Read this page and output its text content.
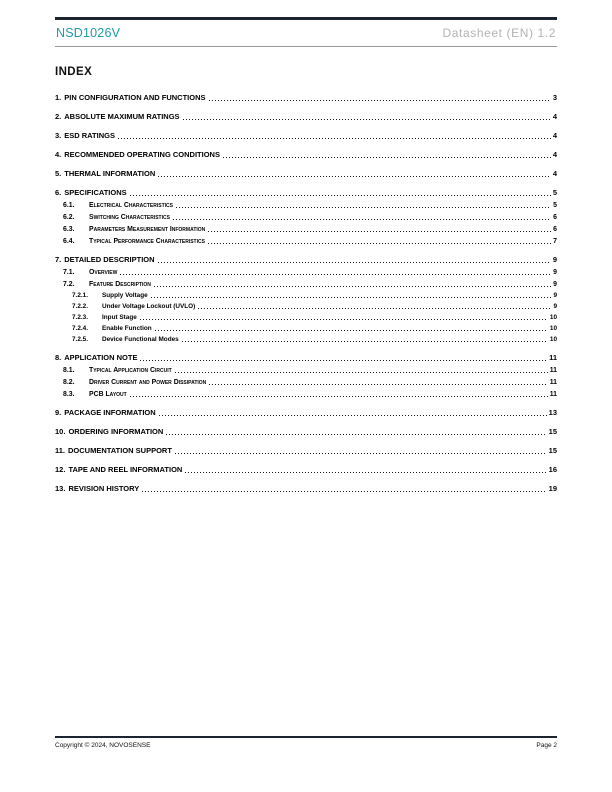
NSD1026V	Datasheet (EN) 1.2
INDEX
1. PIN CONFIGURATION AND FUNCTIONS	3
2. ABSOLUTE MAXIMUM RATINGS	4
3. ESD RATINGS	4
4. RECOMMENDED OPERATING CONDITIONS	4
5. THERMAL INFORMATION	4
6. SPECIFICATIONS	5
6.1.	Electrical Characteristics	5
6.2.	Switching Characteristics	6
6.3.	Parameters Measurement Information	6
6.4.	Typical Performance Characteristics	7
7. DETAILED DESCRIPTION	9
7.1.	Overview	9
7.2.	Feature Description	9
7.2.1.	Supply Voltage	9
7.2.2.	Under Voltage Lockout (UVLO)	9
7.2.3.	Input Stage	10
7.2.4.	Enable Function	10
7.2.5.	Device Functional Modes	10
8. APPLICATION NOTE	11
8.1.	Typical Application Circuit	11
8.2.	Driver Current and Power Dissipation	11
8.3.	PCB Layout	11
9. PACKAGE INFORMATION	13
10. ORDERING INFORMATION	15
11. DOCUMENTATION SUPPORT	15
12. TAPE AND REEL INFORMATION	16
13. REVISION HISTORY	19
Copyright © 2024, NOVOSENSE	Page 2
